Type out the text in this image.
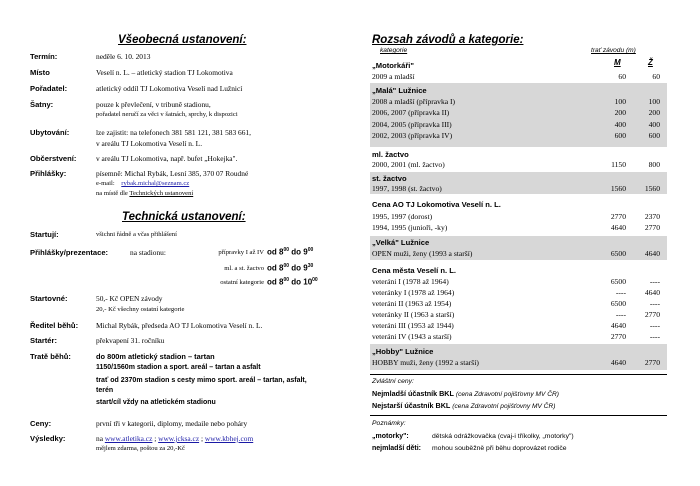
Všeobecná ustanovení:
Termín:	neděle 6. 10. 2013
Místo	Veselí n. L. – atletický stadion TJ Lokomotiva
Pořadatel:	atletický oddíl TJ Lokomotiva Veselí nad Lužnicí
Šatny:	pouze k převlečení, v tribuně stadionu,
pořadatel neručí za věci v šatnách, sprchy, k dispozici
Ubytování:	lze zajistit: na telefonech 381 581 121, 381 583 661,
v areálu TJ Lokomotiva Veselí n. L.
Občerstvení:	v areálu TJ Lokomotiva, např. bufet „Hokejka".
Přihlášky:	písemně: Michal Rybák, Lesní 385, 370 07 Roudné
e-mail: rybak.michal@seznam.cz
na místě dle Technických ustanovení
Technická ustanovení:
Startují:	všichni řádně a včas přihlášení
Přihlášky/prezentace:	na stadionu:	přípravky I až IV od $8^{00}$ do $9^{00}$
ml. a st. žactvo od $8^{00}$ do $9^{30}$
ostatní kategorie od $8^{00}$ do $10^{00}$
Startovné:	50,- Kč OPEN závody
20,- Kč všechny ostatní kategorie
Ředitel běhů: Michal Rybák, předseda AO TJ Lokomotiva Veselí n. L.
Startér:	překvapení 31. ročníku
Tratě běhů:	do 800m atletický stadion – tartan
1150/1560m stadion a sport. areál – tartan a asfalt
trať od 2370m stadion s cesty mimo sport. areál – tartan, asfalt, terén
start/cíl vždy na atletickém stadionu
Ceny:	první tři v kategorii, diplomy, medaile nebo poháry
Výsledky:	na www.atletika.cz ; www.jcksa.cz ; www.kbhej.com
mějlem zdarma, poštou za 20,-Kč
Rozsah závodů a kategorie:
kategorie	trať závodu (m)
M	Ž
„Motorkáři"
2009 a mladší	60	60
„Malá" Lužnice
2008 a mladší (přípravka I)	100	100
2006, 2007 (přípravka II)	200	200
2004, 2005 (přípravka III)	400	400
2002, 2003 (přípravka IV)	600	600
ml. žactvo
2000, 2001 (ml. žactvo)	1150	800
st. žactvo
1997, 1998 (st. žactvo)	1560	1560
Cena AO TJ Lokomotiva Veselí n. L.
1995, 1997 (dorost)	2770	2370
1994, 1995 (junioři, -ky)	4640	2770
„Velká" Lužnice
OPEN muži, ženy (1993 a starší)	6500	4640
Cena města Veselí n. L.
veteráni I (1978 až 1964)	6500	----
veteránky I (1978 až 1964)	----	4640
veteráni II (1963 až 1954)	6500	----
veteránky II (1963 a starší)	----	2770
veteráni III (1953 až 1944)	4640	----
veteráni IV (1943 a starší)	2770	----
„Hobby" Lužnice
HOBBY muži, ženy (1992 a starší)	4640	2770
Zvláštní ceny:
Nejmladší účastník BKL (cena Zdravotní pojišťovny MV ČR)
Nejstarší účastník BKL (cena Zdravotní pojišťovny MV ČR)
Poznámky:
„motorky":	dětská odrážkovačka (cvaj-i tříkolky, „motorky")
nejmladší děti: mohou souběžně při běhu doprovázet rodiče
